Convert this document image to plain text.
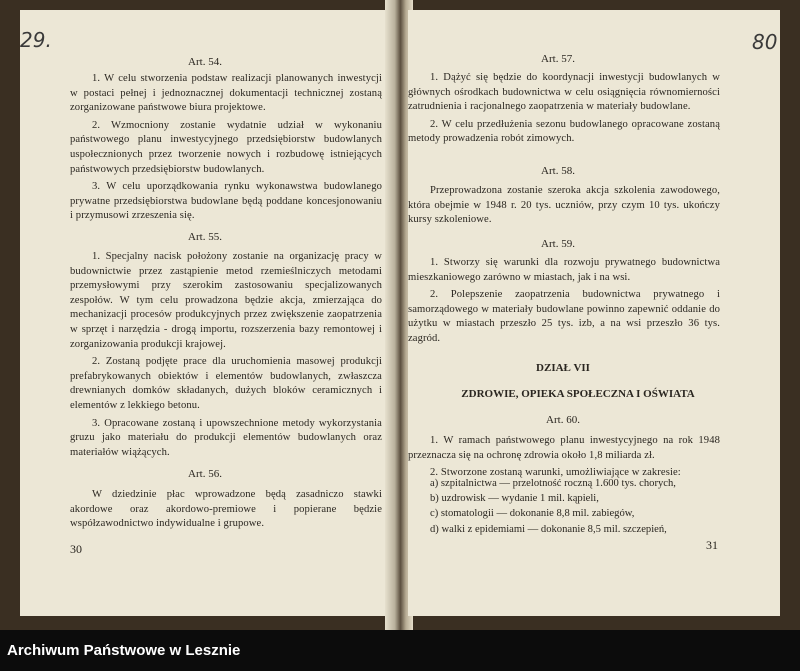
29.
Art. 54.

1. W celu stworzenia podstaw realizacji planowanych inwestycji w postaci pełnej i jednoznacznej dokumentacji technicznej zostaną zorganizowane państwowe biura projektowe.

2. Wzmocniony zostanie wydatnie udział w wykonaniu państwowego planu inwestycyjnego przedsiębiorstw budowlanych uspołecznionych przez tworzenie nowych i rozbudowę istniejących państwowych przedsiębiorstw budowlanych.

3. W celu uporządkowania rynku wykonawstwa budowlanego prywatne przedsiębiorstwa budowlane będą poddane koncesjonowaniu i przymusowi zrzeszenia się.

Art. 55.

1. Specjalny nacisk położony zostanie na organizację pracy w budownictwie przez zastąpienie metod rzemieślniczych metodami przemysłowymi przy szerokim zastosowaniu specjalizowanych zespołów. W tym celu prowadzona będzie akcja, zmierzająca do mechanizacji procesów produkcyjnych przez zwiększenie zaopatrzenia w sprzęt i narzędzia - drogą importu, rozszerzenia bazy remontowej i zorganizowania produkcji krajowej.

2. Zostaną podjęte prace dla uruchomienia masowej produkcji prefabrykowanych obiektów i elementów budowlanych, zwłaszcza drewnianych domków składanych, dużych bloków ceramicznych i elementów z lekkiego betonu.

3. Opracowane zostaną i upowszechnione metody wykorzystania gruzu jako materiału do produkcji elementów budowlanych oraz materiałów wiążących.

Art. 56.

W dziedzinie płac wprowadzone będą zasadniczo stawki akordowe oraz akordowo-premiowe i popierane będzie współzawodnictwo indywidualne i grupowe.

30
80
Art. 57.

1. Dążyć się będzie do koordynacji inwestycji budowlanych w głównych ośrodkach budownictwa w celu osiągnięcia równomierności zatrudnienia i racjonalnego zaopatrzenia w materiały budowlane.

2. W celu przedłużenia sezonu budowlanego opracowane zostaną metody prowadzenia robót zimowych.

Art. 58.

Przeprowadzona zostanie szeroka akcja szkolenia zawodowego, która obejmie w 1948 r. 20 tys. uczniów, przy czym 10 tys. ukończy kursy szkoleniowe.

Art. 59.

1. Stworzy się warunki dla rozwoju prywatnego budownictwa mieszkaniowego zarówno w miastach, jak i na wsi.

2. Polepszenie zaopatrzenia budownictwa prywatnego i samorządowego w materiały budowlane powinno zapewnić oddanie do użytku w miastach przeszło 25 tys. izb, a na wsi przeszło 36 tys. zagród.

DZIAŁ VII
ZDROWIE, OPIEKA SPOŁECZNA I OŚWIATA
Art. 60.

1. W ramach państwowego planu inwestycyjnego na rok 1948 przeznacza się na ochronę zdrowia około 1,8 miliarda zł.

2. Stworzone zostaną warunki, umożliwiające w zakresie:

a) szpitalnictwa — przelotność roczną 1.600 tys. chorych,
b) uzdrowisk — wydanie 1 mil. kąpieli,
c) stomatologii — dokonanie 8,8 mil. zabiegów,
d) walki z epidemiami — dokonanie 8,5 mil. szczepień,
31
Archiwum Państwowe w Lesznie
